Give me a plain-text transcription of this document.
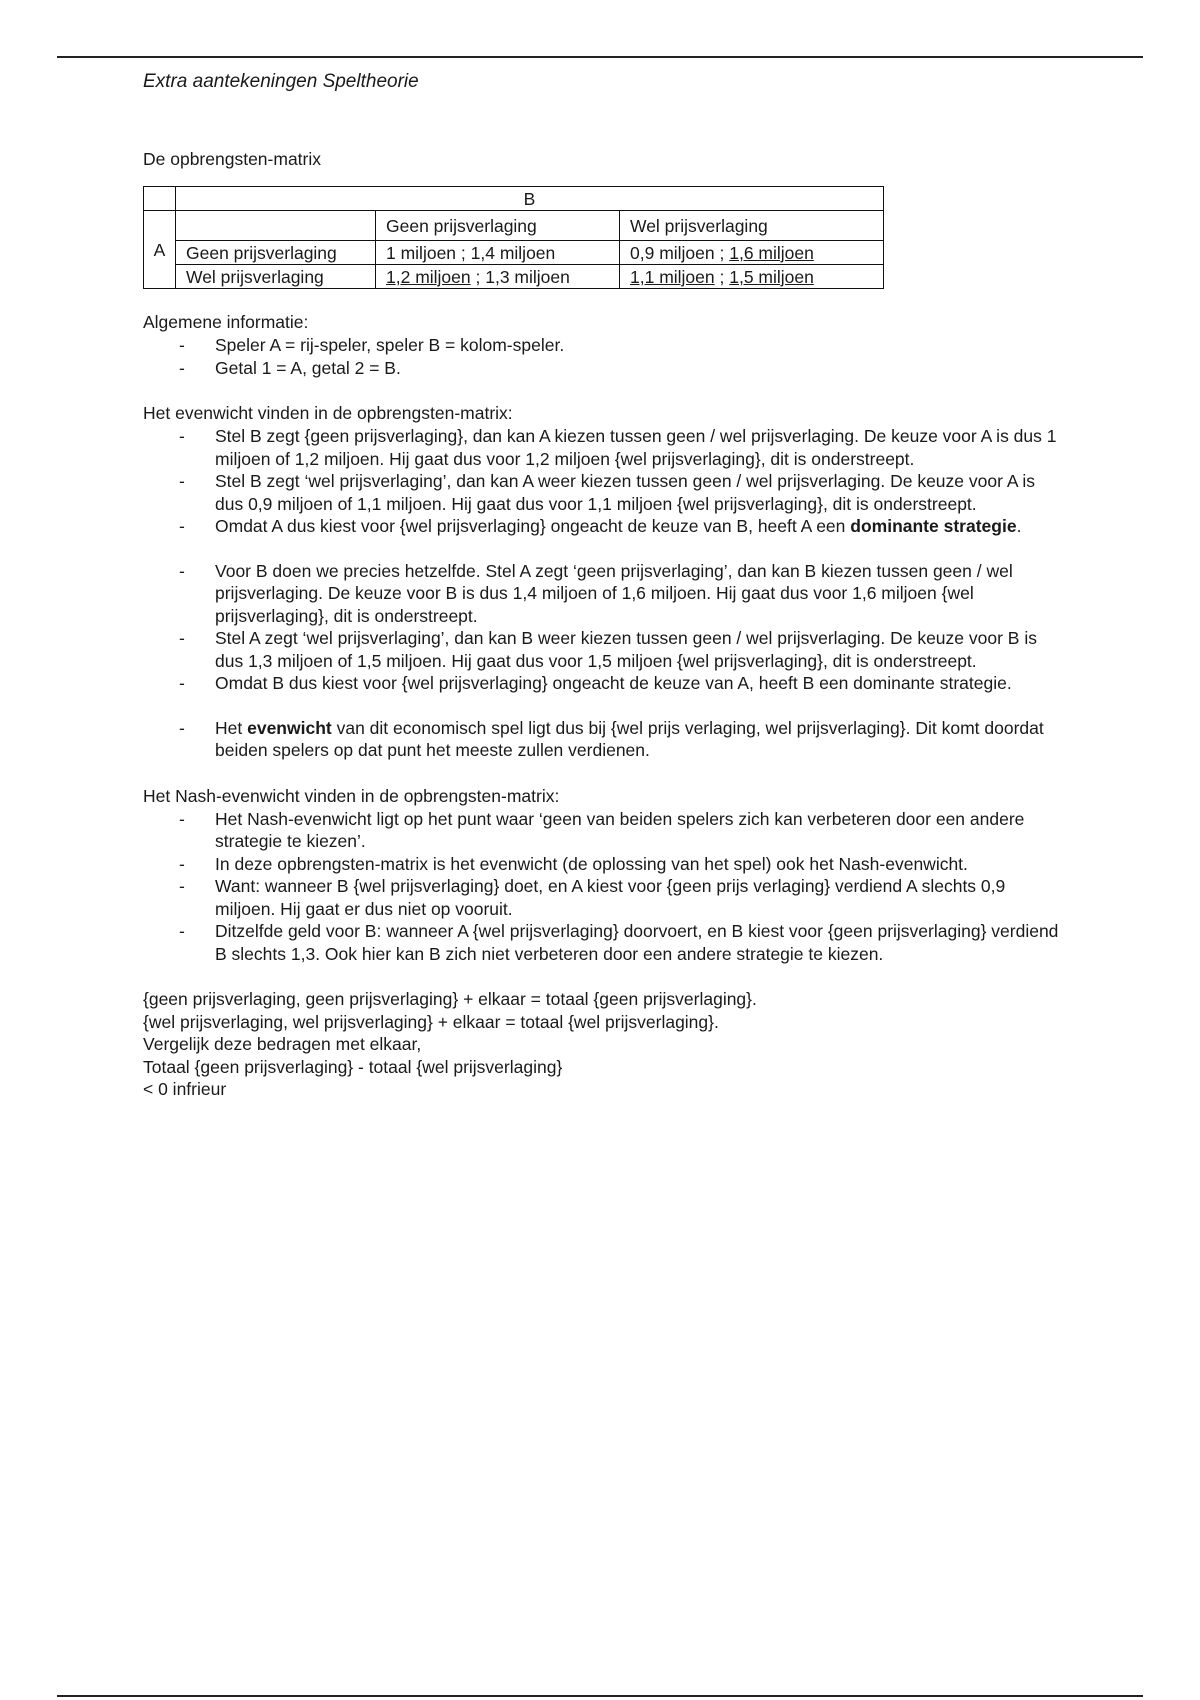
Extra aantekeningen Speltheorie

De opbrengsten-matrix

	B		
A		Geen prijsverlaging	Wel prijsverlaging
	Geen prijsverlaging	1 miljoen ; 1,4 miljoen	0,9 miljoen ; 1,6 miljoen
	Wel prijsverlaging	1,2 miljoen ; 1,3 miljoen	1,1 miljoen ; 1,5 miljoen

Algemene informatie:

- Speler A = rij-speler, speler B = kolom-speler.
- Getal 1 = A, getal 2 = B.

Het evenwicht vinden in de opbrengsten-matrix:

- Stel B zegt {geen prijsverlaging}, dan kan A kiezen tussen geen / wel prijsverlaging. De keuze voor A is dus 1 miljoen of 1,2 miljoen. Hij gaat dus voor 1,2 miljoen {wel prijsverlaging}, dit is onderstreept.
- Stel B zegt ‘wel prijsverlaging’, dan kan A weer kiezen tussen geen / wel prijsverlaging. De keuze voor A is dus 0,9 miljoen of 1,1 miljoen. Hij gaat dus voor 1,1 miljoen {wel prijsverlaging}, dit is onderstreept.
- Omdat A dus kiest voor {wel prijsverlaging} ongeacht de keuze van B, heeft A een dominante strategie.
- Voor B doen we precies hetzelfde. Stel A zegt ‘geen prijsverlaging’, dan kan B kiezen tussen geen / wel prijsverlaging. De keuze voor B is dus 1,4 miljoen of 1,6 miljoen. Hij gaat dus voor 1,6 miljoen {wel prijsverlaging}, dit is onderstreept.
- Stel A zegt ‘wel prijsverlaging’, dan kan B weer kiezen tussen geen / wel prijsverlaging. De keuze voor B is dus 1,3 miljoen of 1,5 miljoen. Hij gaat dus voor 1,5 miljoen {wel prijsverlaging}, dit is onderstreept.
- Omdat B dus kiest voor {wel prijsverlaging} ongeacht de keuze van A, heeft B een dominante strategie.
- Het evenwicht van dit economisch spel ligt dus bij {wel prijs verlaging, wel prijsverlaging}. Dit komt doordat beiden spelers op dat punt het meeste zullen verdienen.

Het Nash-evenwicht vinden in de opbrengsten-matrix:

- Het Nash-evenwicht ligt op het punt waar ‘geen van beiden spelers zich kan verbeteren door een andere strategie te kiezen’.
- In deze opbrengsten-matrix is het evenwicht (de oplossing van het spel) ook het Nash-evenwicht.
- Want: wanneer B {wel prijsverlaging} doet, en A kiest voor {geen prijs verlaging} verdiend A slechts 0,9 miljoen. Hij gaat er dus niet op vooruit.
- Ditzelfde geld voor B: wanneer A {wel prijsverlaging} doorvoert, en B kiest voor {geen prijsverlaging} verdiend B slechts 1,3. Ook hier kan B zich niet verbeteren door een andere strategie te kiezen.

{geen prijsverlaging, geen prijsverlaging} + elkaar = totaal {geen prijsverlaging}.

{wel prijsverlaging, wel prijsverlaging} + elkaar = totaal {wel prijsverlaging}.

Vergelijk deze bedragen met elkaar,

Totaal {geen prijsverlaging} - totaal {wel prijsverlaging}

< 0 infrieur
